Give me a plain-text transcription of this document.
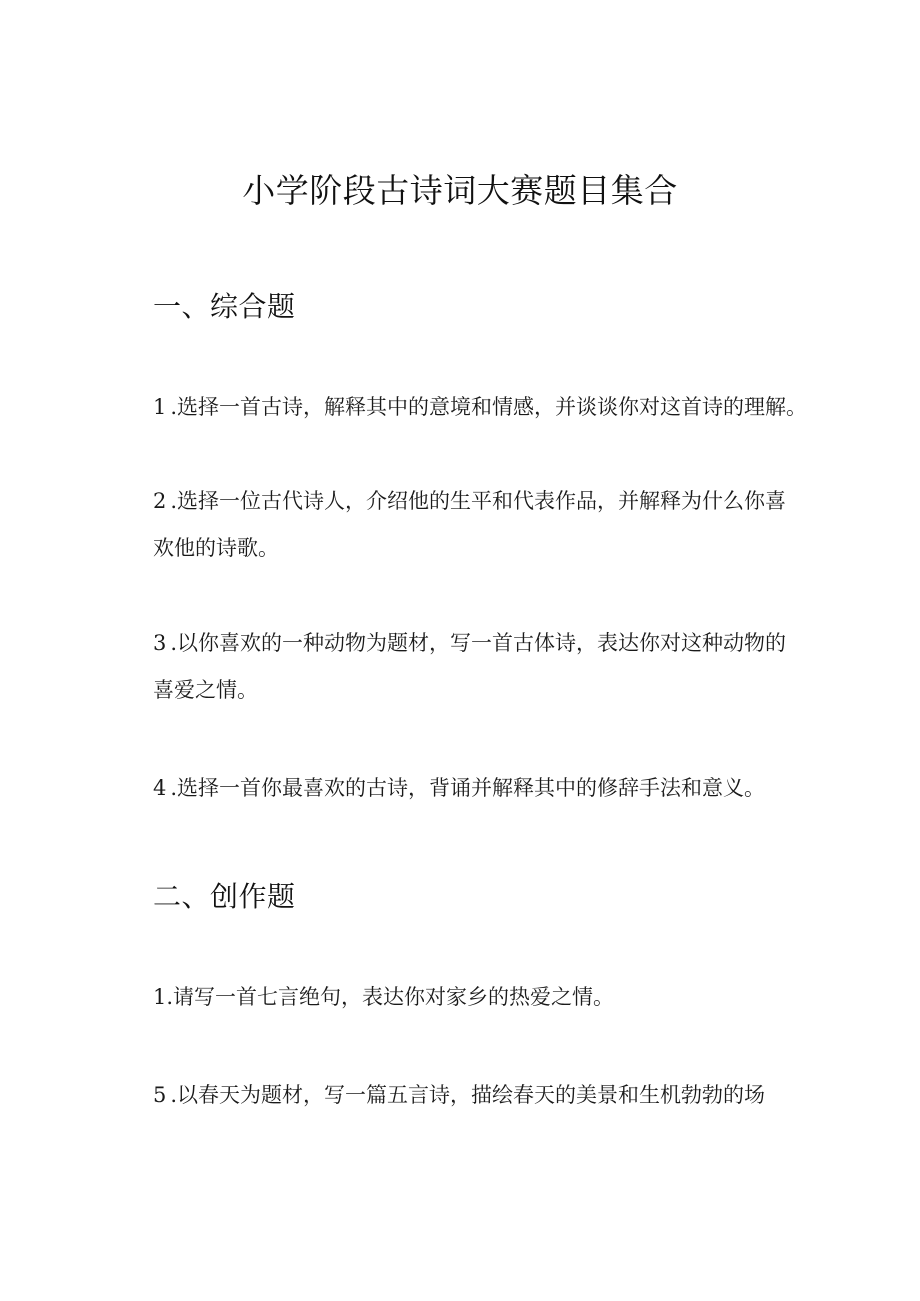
小学阶段古诗词大赛题目集合
一、综合题
1 .选择一首古诗，解释其中的意境和情感，并谈谈你对这首诗的理解。
2 .选择一位古代诗人，介绍他的生平和代表作品，并解释为什么你喜
欢他的诗歌。
3 .以你喜欢的一种动物为题材，写一首古体诗，表达你对这种动物的
喜爱之情。
4 .选择一首你最喜欢的古诗，背诵并解释其中的修辞手法和意义。
二、创作题
1.请写一首七言绝句，表达你对家乡的热爱之情。
5 .以春天为题材，写一篇五言诗，描绘春天的美景和生机勃勃的场
